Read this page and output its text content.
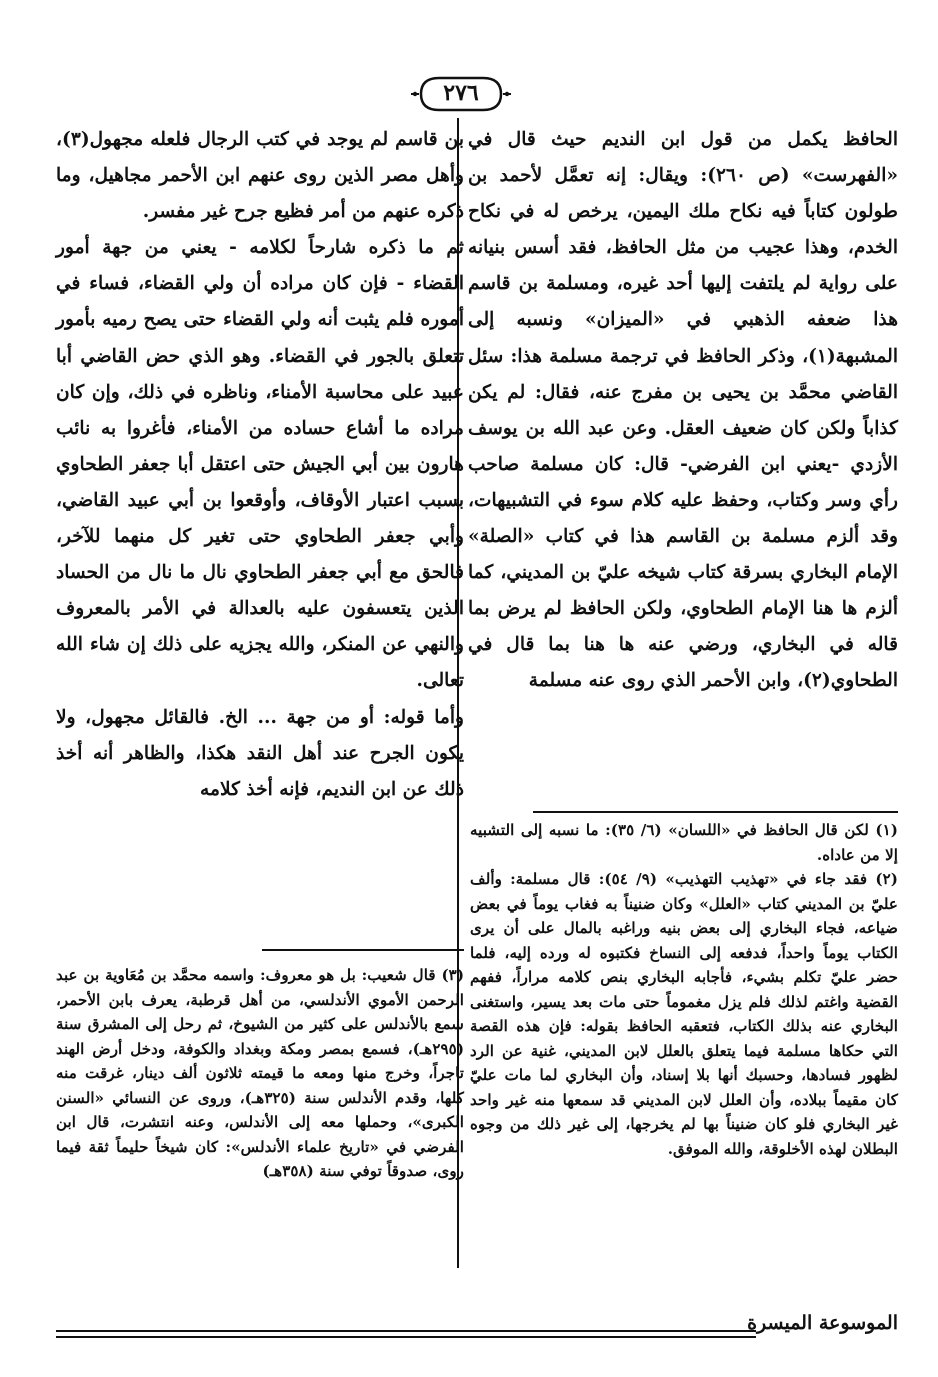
٢٧٦

الحافظ يكمل من قول ابن النديم حيث قال في «الفهرست» (ص ٢٦٠): ويقال: إنه تعمَّل لأحمد بن طولون كتاباً فيه نكاح ملك اليمين، يرخص له في نكاح الخدم، وهذا عجيب من مثل الحافظ، فقد أسس بنيانه على رواية لم يلتفت إليها أحد غيره، ومسلمة بن قاسم هذا ضعفه الذهبي في «الميزان» ونسبه إلى المشبهة(١)، وذكر الحافظ في ترجمة مسلمة هذا: سئل القاضي محمَّد بن يحيى بن مفرج عنه، فقال: لم يكن كذاباً ولكن كان ضعيف العقل. وعن عبد الله بن يوسف الأزدي -يعني ابن الفرضي- قال: كان مسلمة صاحب رأي وسر وكتاب، وحفظ عليه كلام سوء في التشبيهات، وقد ألزم مسلمة بن القاسم هذا في كتاب «الصلة» الإمام البخاري بسرقة كتاب شيخه عليّ بن المديني، كما ألزم ها هنا الإمام الطحاوي، ولكن الحافظ لم يرض بما قاله في البخاري، ورضي عنه ها هنا بما قال في الطحاوي(٢)، وابن الأحمر الذي روى عنه مسلمة

بن قاسم لم يوجد في كتب الرجال فلعله مجهول(٣)، وأهل مصر الذين روى عنهم ابن الأحمر مجاهيل، وما ذكره عنهم من أمر فظيع جرح غير مفسر.

ثم ما ذكره شارحاً لكلامه - يعني من جهة أمور القضاء - فإن كان مراده أن ولي القضاء، فساء في أموره فلم يثبت أنه ولي القضاء حتى يصح رميه بأمور تتعلق بالجور في القضاء. وهو الذي حض القاضي أبا عبيد على محاسبة الأمناء، وناظره في ذلك، وإن كان مراده ما أشاع حساده من الأمناء، فأغروا به نائب هارون بين أبي الجيش حتى اعتقل أبا جعفر الطحاوي بسبب اعتبار الأوقاف، وأوقعوا بن أبي عبيد القاضي، وأبي جعفر الطحاوي حتى تغير كل منهما للآخر، فالحق مع أبي جعفر الطحاوي نال ما نال من الحساد الذين يتعسفون عليه بالعدالة في الأمر بالمعروف والنهي عن المنكر، والله يجزيه على ذلك إن شاء الله تعالى.

وأما قوله: أو من جهة ... الخ. فالقائل مجهول، ولا يكون الجرح عند أهل النقد هكذا، والظاهر أنه أخذ ذلك عن ابن النديم، فإنه أخذ كلامه

(١) لكن قال الحافظ في «اللسان» (٦/ ٣٥): ما نسبه إلى التشبيه إلا من عاداه.

(٢) فقد جاء في «تهذيب التهذيب» (٩/ ٥٤): قال مسلمة: وألف عليّ بن المديني كتاب «العلل» وكان ضنيناً به فغاب يوماً في بعض ضياعه، فجاء البخاري إلى بعض بنيه وراغبه بالمال على أن يرى الكتاب يوماً واحداً، فدفعه إلى النساخ فكتبوه له ورده إليه، فلما حضر عليّ تكلم بشيء، فأجابه البخاري بنص كلامه مراراً، ففهم القضية واغتم لذلك فلم يزل مغموماً حتى مات بعد يسير، واستغنى البخاري عنه بذلك الكتاب، فتعقبه الحافظ بقوله: فإن هذه القصة التي حكاها مسلمة فيما يتعلق بالعلل لابن المديني، غنية عن الرد لظهور فسادها، وحسبك أنها بلا إسناد، وأن البخاري لما مات عليّ كان مقيماً ببلاده، وأن العلل لابن المديني قد سمعها منه غير واحد غير البخاري فلو كان ضنيناً بها لم يخرجها، إلى غير ذلك من وجوه البطلان لهذه الأخلوقة، والله الموفق.

(٣) قال شعيب: بل هو معروف: واسمه محمَّد بن مُعَاوية بن عبد الرحمن الأموي الأندلسي، من أهل قرطبة، يعرف بابن الأحمر، سمع بالأندلس على كثير من الشيوخ، ثم رحل إلى المشرق سنة (٢٩٥هـ)، فسمع بمصر ومكة وبغداد والكوفة، ودخل أرض الهند تاجراً، وخرج منها ومعه ما قيمته ثلاثون ألف دينار، غرقت منه كلها، وقدم الأندلس سنة (٣٢٥هـ)، وروى عن النسائي «السنن الكبرى»، وحملها معه إلى الأندلس، وعنه انتشرت، قال ابن الفرضي في «تاريخ علماء الأندلس»: كان شيخاً حليماً ثقة فيما روى، صدوقاً توفي سنة (٣٥٨هـ)

الموسوعة الميسرة
